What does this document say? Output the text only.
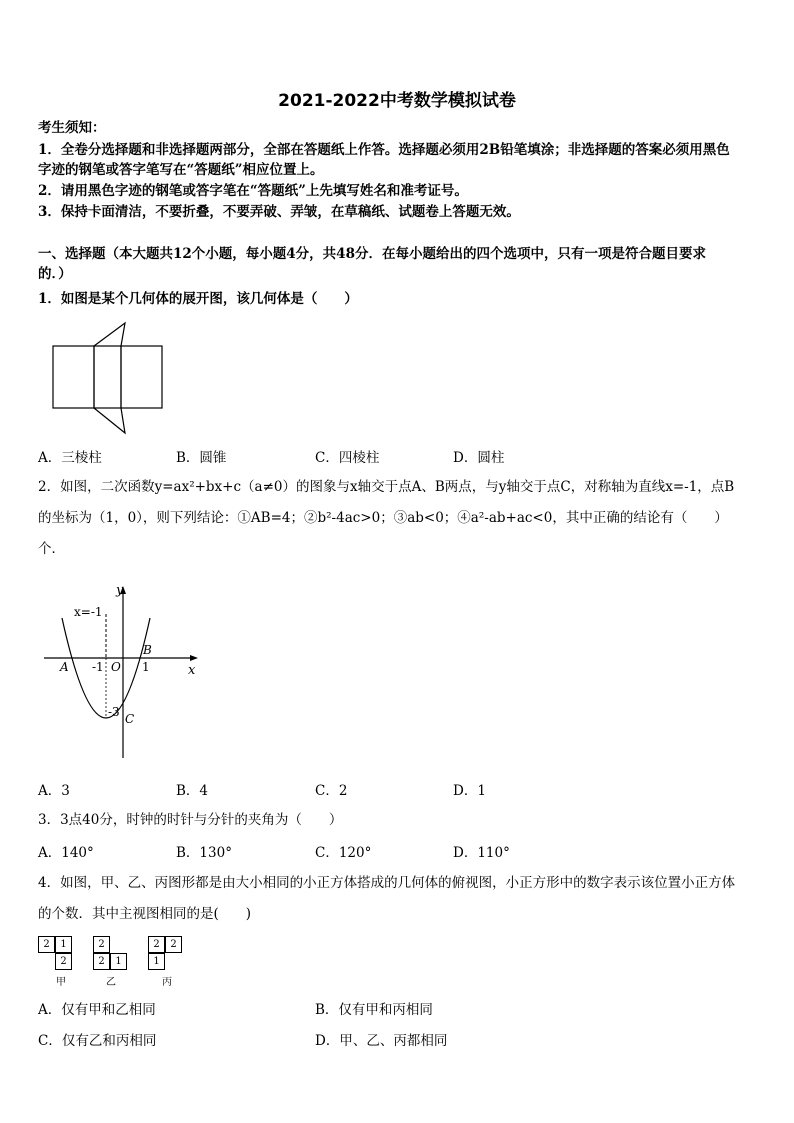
2021-2022中考数学模拟试卷
考生须知：
1．全卷分选择题和非选择题两部分，全部在答题纸上作答。选择题必须用2B铅笔填涂；非选择题的答案必须用黑色
字迹的钢笔或答字笔写在“答题纸”相应位置上。
2．请用黑色字迹的钢笔或答字笔在“答题纸”上先填写姓名和准考证号。
3．保持卡面清洁，不要折叠，不要弄破、弄皱，在草稿纸、试题卷上答题无效。
一、选择题（本大题共12个小题，每小题4分，共48分．在每小题给出的四个选项中，只有一项是符合题目要求
的．）
1．如图是某个几何体的展开图，该几何体是（　　）
A．三棱柱	B．圆锥	C．四棱柱	D．圆柱
2．如图，二次函数y=ax²+bx+c（a≠0）的图象与x轴交于点A、B两点，与y轴交于点C，对称轴为直线x=-1，点B
的坐标为（1，0），则下列结论：①AB=4；②b²-4ac>0；③ab<0；④a²-ab+ac<0，其中正确的结论有（　　）
个．
y
x
x=-1
A
B
-1 O 1
-3 C
A．3	B．4	C．2	D．1
3．3点40分，时钟的时针与分针的夹角为（　　）
A．140°	B．130°	C．120°	D．110°
4．如图，甲、乙、丙图形都是由大小相同的小正方体搭成的几何体的俯视图，小正方形中的数字表示该位置小正方体
的个数．其中主视图相同的是(　　)
2	1
2
甲
2
2	1
乙
2	2
1
丙
A．仅有甲和乙相同	B．仅有甲和丙相同
C．仅有乙和丙相同	D．甲、乙、丙都相同
